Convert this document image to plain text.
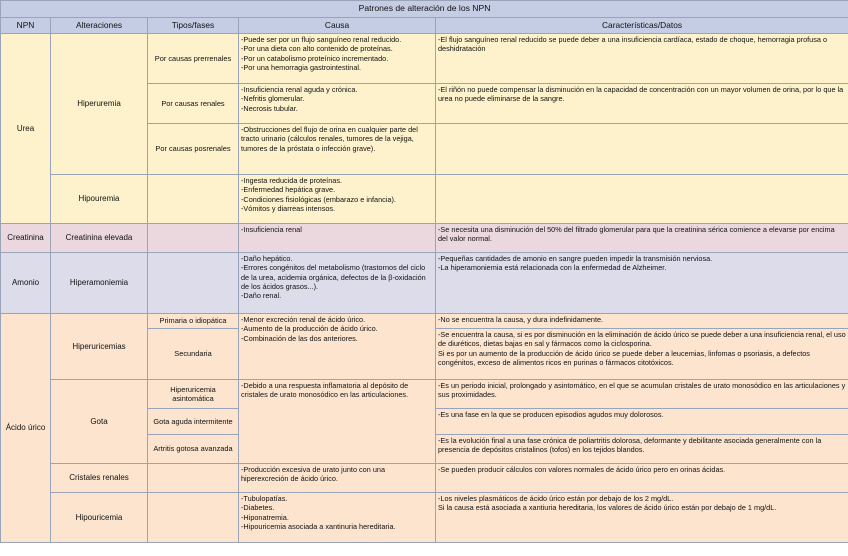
Patrones de alteración de los NPN				
NPN	Alteraciones	Tipos/fases	Causa	Características/Datos
Urea	Hiperuremia	Por causas prerrenales	-Puede ser por un flujo sanguíneo renal reducido.
-Por una dieta con alto contenido de proteínas.
-Por un catabolismo proteínico incrementado.
-Por una hemorragia gastrointestinal.	-El flujo sanguíneo renal reducido se puede deber a una insuficiencia cardíaca, estado de choque, hemorragia profusa o deshidratación

		Por causas renales	-Insuficiencia renal aguda y crónica.
-Nefritis glomerular.
-Necrosis tubular.	-El riñón no puede compensar la disminución en la capacidad de concentración con un mayor volumen de orina, por lo que la urea no puede eliminarse de la sangre.

		Por causas posrenales	-Obstrucciones del flujo de orina en cualquier parte del tracto urinario (cálculos renales, tumores de la vejiga, tumores de la próstata o infección grave).	

	Hipouremia		-Ingesta reducida de proteínas.
-Enfermedad hepática grave.
-Condiciones fisiológicas (embarazo e infancia).
-Vómitos y diarreas intensos.	

Creatinina	Creatinina elevada		-Insuficiencia renal	-Se necesita una disminución del 50% del filtrado glomerular para que la creatinina sérica comience a elevarse por encima del valor normal.

Amonio	Hiperamoniemia		-Daño hepático.
-Errores congénitos del metabolismo (trastornos del ciclo de la urea, acidemia orgánica, defectos de la β-oxidación de los ácidos grasos...).
-Daño renal.	-Pequeñas cantidades de amonio en sangre pueden impedir la transmisión nerviosa.
-La hiperamoniemia está relacionada con la enfermedad de Alzheimer.

Ácido úrico	Hiperuricemias	Primaria o idiopática	-Menor excreción renal de ácido úrico.
-Aumento de la producción de ácido úrico.
-Combinación de las dos anteriores.	-No se encuentra la causa, y dura indefinidamente.

		Secundaria		-Se encuentra la causa, si es por disminución en la eliminación de ácido úrico se puede deber a una insuficiencia renal, el uso de diuréticos, dietas bajas en sal y fármacos como la ciclosporina.
Si es por un aumento de la producción de ácido úrico se puede deber a leucemias, linfomas o psoriasis, a defectos congénitos, exceso de alimentos ricos en purinas o fármacos citotóxicos.

	Gota	Hiperuricemia asintomática	-Debido a una respuesta inflamatoria al depósito de cristales de urato monosódico en las articulaciones.	-Es un periodo inicial, prolongado y asintomático, en el que se acumulan cristales de urato monosódico en las articulaciones y sus proximidades.

		Gota aguda intermitente		-Es una fase en la que se producen episodios agudos muy dolorosos.

		Artritis gotosa avanzada		-Es la evolución final a una fase crónica de poliartritis dolorosa, deformante y debilitante asociada generalmente con la presencia de depósitos cristalinos (tofos) en los tejidos blandos.

	Cristales renales		-Producción excesiva de urato junto con una hiperexcreción de ácido úrico.	-Se pueden producir cálculos con valores normales de ácido úrico pero en orinas ácidas.

	Hipouricemia		-Tubulopatías.
-Diabetes.
-Hiponatremia.
-Hipouricemia asociada a xantinuria hereditaria.	-Los niveles plasmáticos de ácido úrico están por debajo de los 2 mg/dL.
Si la causa está asociada a xantiuria hereditaria, los valores de ácido úrico están por debajo de 1 mg/dL.
